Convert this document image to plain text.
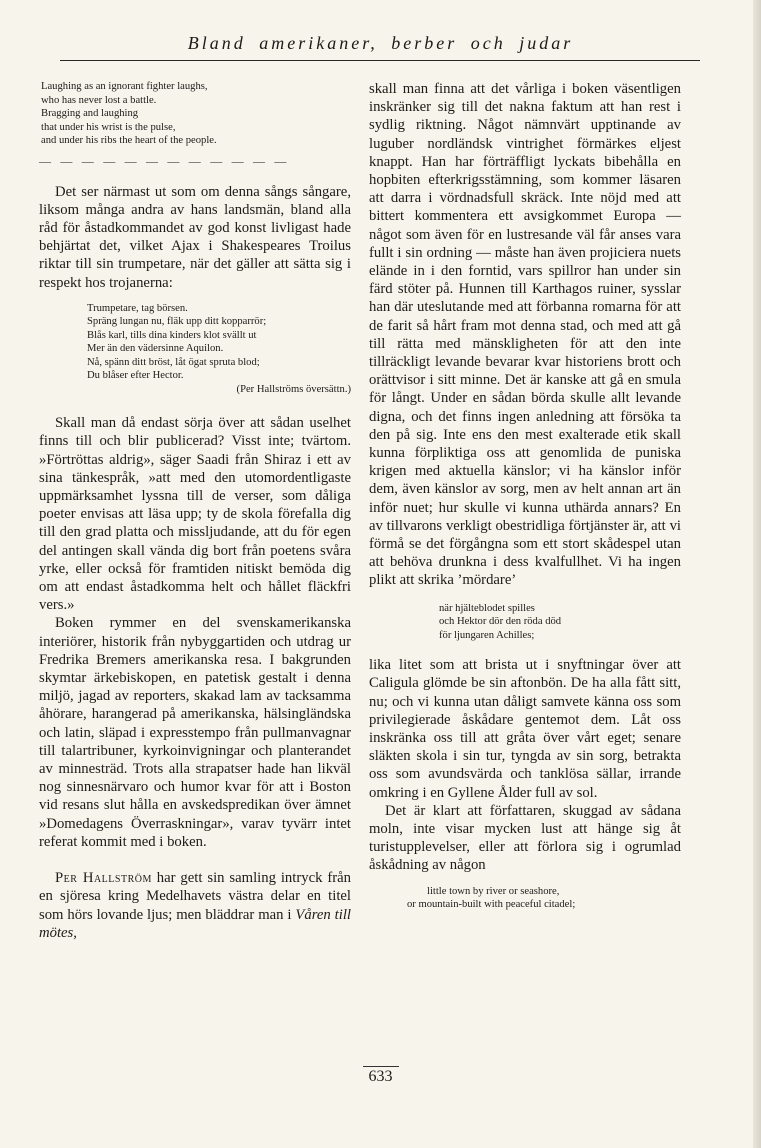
Bland amerikaner, berber och judar
Laughing as an ignorant fighter laughs,
who has never lost a battle.
Bragging and laughing
that under his wrist is the pulse,
and under his ribs the heart of the people.
— — — — — — — — — — — —

Det ser närmast ut som om denna sångs sångare, liksom många andra av hans landsmän, bland alla råd för åstadkommandet av god konst livligast hade behjärtat det, vilket Ajax i Shakespeares Troilus riktar till sin trumpetare, när det gäller att sätta sig i respekt hos trojanerna:

Trumpetare, tag börsen.
Spräng lungan nu, fläk upp ditt kopparrör;
Blås karl, tills dina kinders klot svällt ut
Mer än den vädersinne Aquilon.
Nå, spänn ditt bröst, låt ögat spruta blod;
Du blåser efter Hector.
(Per Hallströms översättn.)

Skall man då endast sörja över att sådan uselhet finns till och blir publicerad? Visst inte; tvärtom. »Förtröttas aldrig», säger Saadi från Shiraz i ett av sina tänkespråk, »att med den utomordentligaste uppmärksamhet lyssna till de verser, som dåliga poeter envisas att läsa upp; ty de skola förefalla dig till den grad platta och missljudande, att du för egen del antingen skall vända dig bort från poetens svåra yrke, eller också för framtiden nitiskt bemöda dig om att endast åstadkomma helt och hållet fläckfri vers.»

Boken rymmer en del svenskamerikanska interiörer, historik från nybyggartiden och utdrag ur Fredrika Bremers amerikanska resa. I bakgrunden skymtar ärkebiskopen, en patetisk gestalt i denna miljö, jagad av reporters, skakad lam av tacksamma åhörare, harangerad på amerikanska, hälsingländska och latin, släpad i expresstempo från pullmanvagnar till talartribuner, kyrkoinvigningar och planterandet av minnesträd. Trots alla strapatser hade han likväl nog sinnesnärvaro och humor kvar för att i Boston vid resans slut hålla en avskedspredikan över ämnet »Domedagens Överraskningar», varav tyvärr intet referat kommit med i boken.

Per Hallström har gett sin samling intryck från en sjöresa kring Medelhavets västra delar en titel som hörs lovande ljus; men bläddrar man i Våren till mötes,

skall man finna att det vårliga i boken väsentligen inskränker sig till det nakna faktum att han rest i sydlig riktning. Något nämnvärt upptinande av luguber nordländsk vintrighet förmärkes eljest knappt. Han har förträffligt lyckats bibehålla en hopbiten efterkrigsstämning, som kommer läsaren att darra i vördnadsfull skräck. Inte nöjd med att bittert kommentera ett avsigkommet Europa — något som även för en lustresande väl får anses vara fullt i sin ordning — måste han även projiciera nuets elände in i den forntid, vars spillror han under sin färd stöter på. Hunnen till Karthagos ruiner, sysslar han där uteslutande med att förbanna romarna för att de farit så hårt fram mot denna stad, och med att gå till rätta med mänskligheten för att den inte tillräckligt levande bevarar kvar historiens brott och orättvisor i sitt minne. Det är kanske att gå en smula för långt. Under en sådan börda skulle allt levande digna, och det finns ingen anledning att försöka ta den på sig. Inte ens den mest exalterade etik skall kunna förpliktiga oss att genomlida de puniska krigen med aktuella känslor; vi ha känslor inför dem, även känslor av sorg, men av helt annan art än inför nuet; hur skulle vi kunna uthärda annars? En av tillvarons verkligt obestridliga förtjänster är, att vi förmå se det förgångna som ett stort skådespel utan att behöva drunkna i dess kvalfullhet. Vi ha ingen plikt att skrika ’mördare’

när hjälteblodet spilles
och Hektor dör den röda död
för ljungaren Achilles;

lika litet som att brista ut i snyftningar över att Caligula glömde be sin aftonbön. De ha alla fått sitt, nu; och vi kunna utan dåligt samvete känna oss som privilegierade åskådare gentemot dem. Låt oss inskränka oss till att gråta över vårt eget; senare släkten skola i sin tur, tyngda av sin sorg, betrakta oss som avundsvärda och tanklösa sällar, irrande omkring i en Gyllene Ålder full av sol.

Det är klart att författaren, skuggad av sådana moln, inte visar mycken lust att hänge sig åt turistupplevelser, eller att förlora sig i ogrumlad åskådning av någon

little town by river or seashore,
or mountain-built with peaceful citadel;
633
